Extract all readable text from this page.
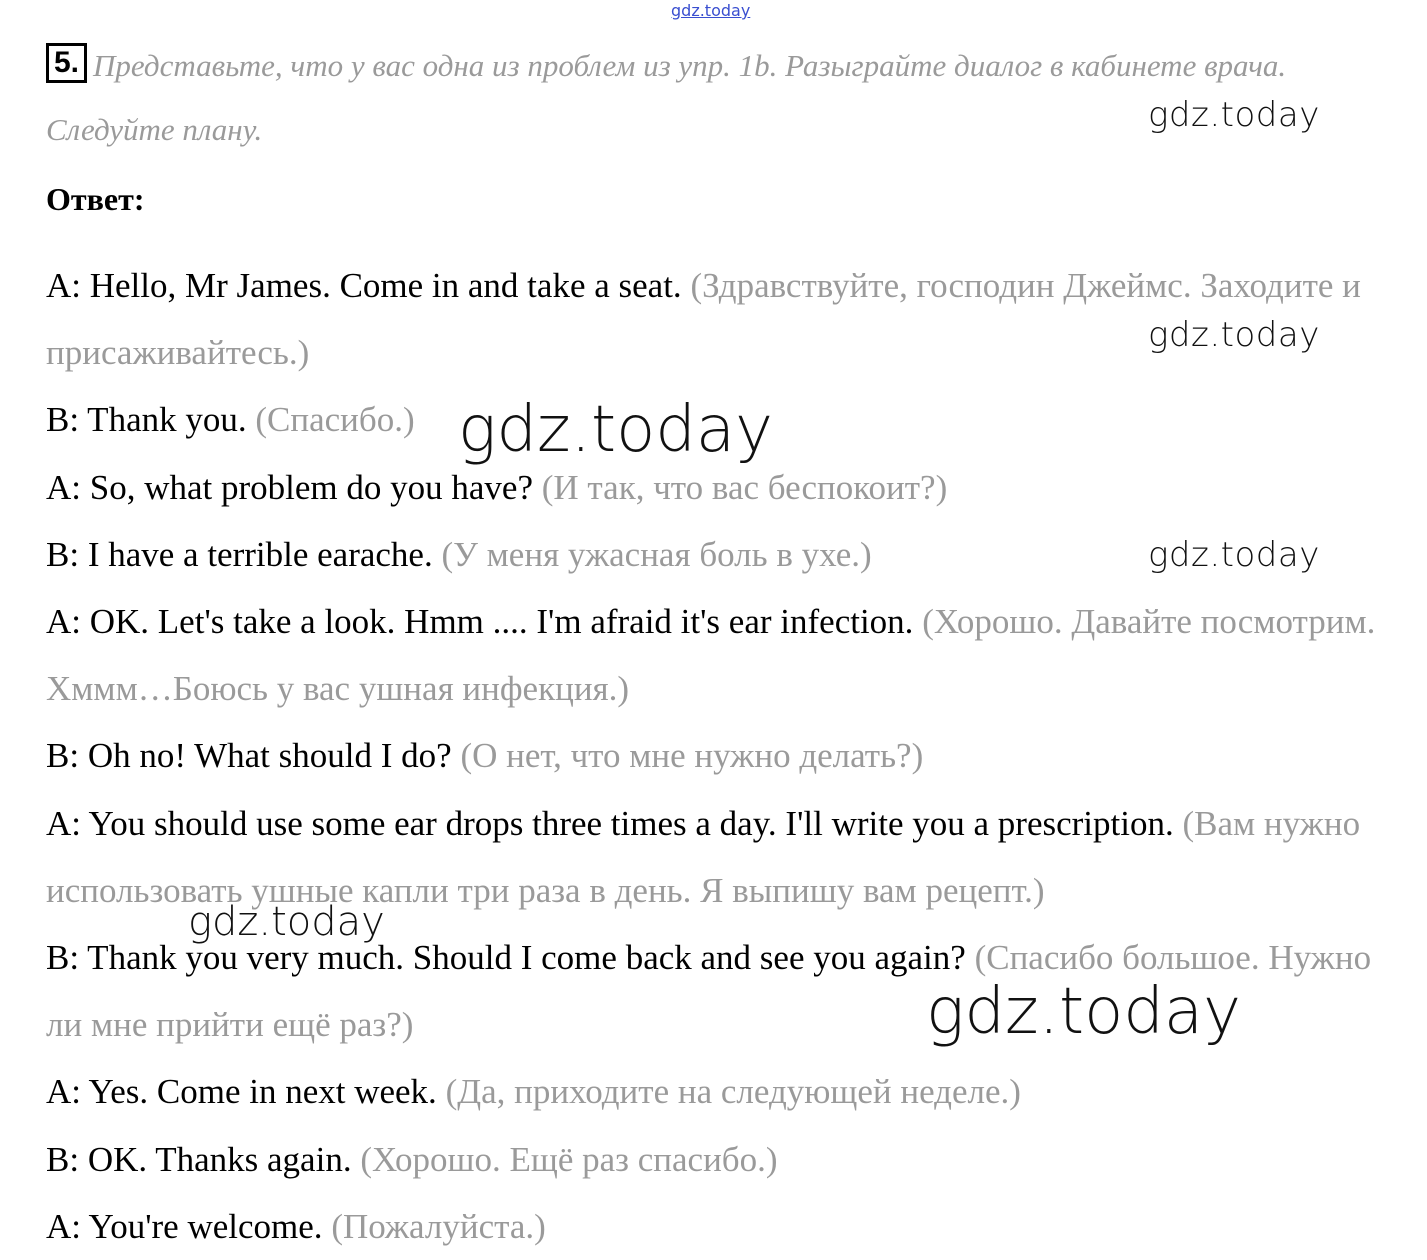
gdz.today
5. Представьте, что у вас одна из проблем из упр. 1b. Разыграйте диалог в кабинете врача. Следуйте плану.
Ответ:
A: Hello, Mr James. Come in and take a seat. (Здравствуйте, господин Джеймс. Заходите и присаживайтесь.)
B: Thank you. (Спасибо.)
A: So, what problem do you have? (И так, что вас беспокоит?)
B: I have a terrible earache. (У меня ужасная боль в ухе.)
A: OK. Let's take a look. Hmm .... I'm afraid it's ear infection. (Хорошо. Давайте посмотрим. Хммм…Боюсь у вас ушная инфекция.)
B: Oh no! What should I do? (О нет, что мне нужно делать?)
A: You should use some ear drops three times a day. I'll write you a prescription. (Вам нужно использовать ушные капли три раза в день. Я выпишу вам рецепт.)
B: Thank you very much. Should I come back and see you again? (Спасибо большое. Нужно ли мне прийти ещё раз?)
A: Yes. Come in next week. (Да, приходите на следующей неделе.)
B: OK. Thanks again. (Хорошо. Ещё раз спасибо.)
A: You're welcome. (Пожалуйста.)
gdz.today
gdz.today
gdz.today
gdz.today
gdz.today
gdz.today
